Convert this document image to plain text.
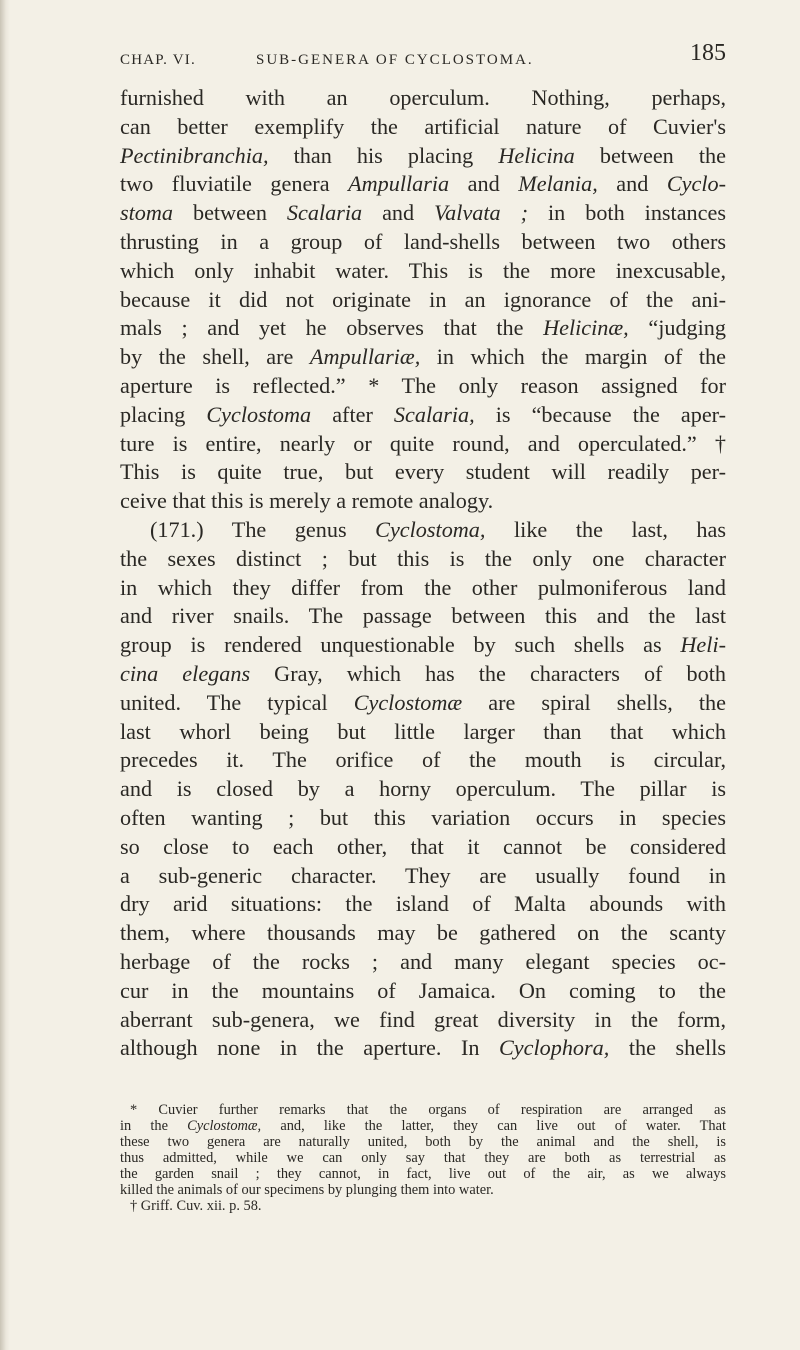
CHAP. VI.	SUB-GENERA OF CYCLOSTOMA.	185
furnished with an operculum. Nothing, perhaps,
can better exemplify the artificial nature of Cuvier's
Pectinibranchia, than his placing Helicina between the
two fluviatile genera Ampullaria and Melania, and Cyclo-
stoma between Scalaria and Valvata ; in both instances
thrusting in a group of land-shells between two others
which only inhabit water. This is the more inexcusable,
because it did not originate in an ignorance of the ani-
mals ; and yet he observes that the Helicinæ, “judging
by the shell, are Ampullariæ, in which the margin of the
aperture is reflected.” * The only reason assigned for
placing Cyclostoma after Scalaria, is “because the aper-
ture is entire, nearly or quite round, and operculated.” †
This is quite true, but every student will readily per-
ceive that this is merely a remote analogy.
(171.) The genus Cyclostoma, like the last, has
the sexes distinct ; but this is the only one character
in which they differ from the other pulmoniferous land
and river snails. The passage between this and the last
group is rendered unquestionable by such shells as Heli-
cina elegans Gray, which has the characters of both
united. The typical Cyclostomæ are spiral shells, the
last whorl being but little larger than that which
precedes it. The orifice of the mouth is circular,
and is closed by a horny operculum. The pillar is
often wanting ; but this variation occurs in species
so close to each other, that it cannot be considered
a sub-generic character. They are usually found in
dry arid situations: the island of Malta abounds with
them, where thousands may be gathered on the scanty
herbage of the rocks ; and many elegant species oc-
cur in the mountains of Jamaica. On coming to the
aberrant sub-genera, we find great diversity in the form,
although none in the aperture. In Cyclophora, the shells
* Cuvier further remarks that the organs of respiration are arranged as
in the Cyclostomæ, and, like the latter, they can live out of water. That
these two genera are naturally united, both by the animal and the shell, is
thus admitted, while we can only say that they are both as terrestrial as
the garden snail ; they cannot, in fact, live out of the air, as we always
killed the animals of our specimens by plunging them into water.
† Griff. Cuv. xii. p. 58.
